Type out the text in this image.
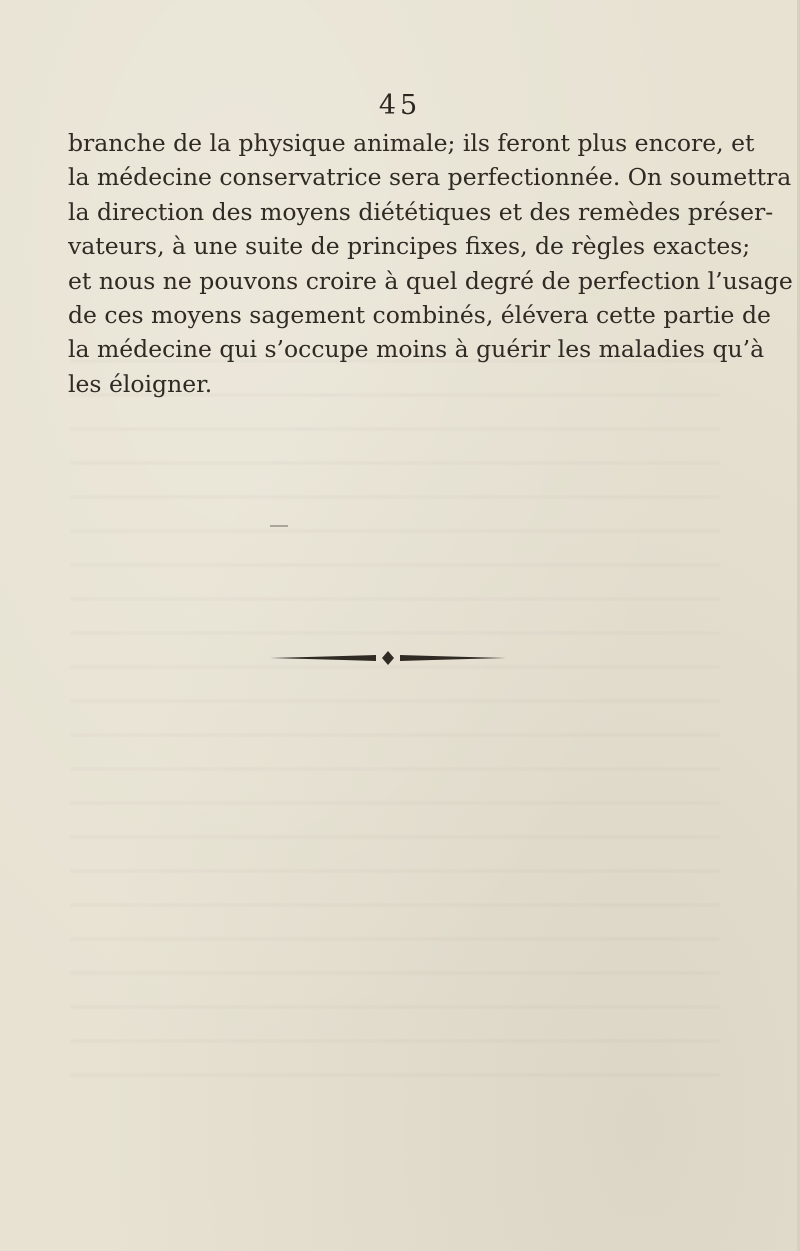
45
branche de la physique animale; ils feront plus encore, et
la médecine conservatrice sera perfectionnée. On soumettra
la direction des moyens diététiques et des remèdes préser-
vateurs, à une suite de principes fixes, de règles exactes;
et nous ne pouvons croire à quel degré de perfection l’usage
de ces moyens sagement combinés, élévera cette partie de
la médecine qui s’occupe moins à guérir les maladies qu’à
les éloigner.
